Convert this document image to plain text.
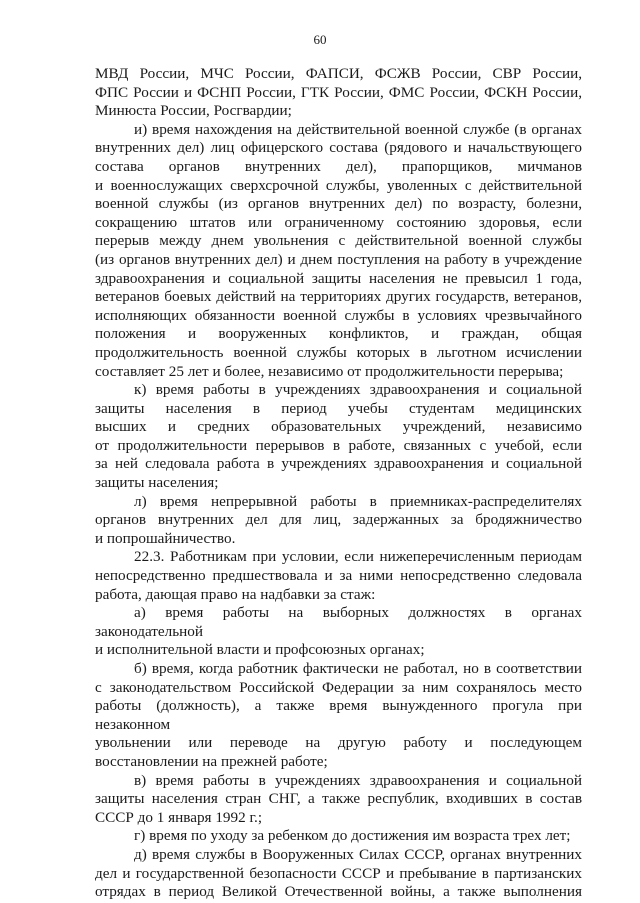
60

МВД России, МЧС России, ФАПСИ, ФСЖВ России, СВР России,

ФПС России и ФСНП России, ГТК России, ФМС России, ФСКН России,

Минюста России, Росгвардии;

и) время нахождения на действительной военной службе (в органах

внутренних дел) лиц офицерского состава (рядового и начальствующего

состава органов внутренних дел), прапорщиков, мичманов

и военнослужащих сверхсрочной службы, уволенных с действительной

военной службы (из органов внутренних дел) по возрасту, болезни,

сокращению штатов или ограниченному состоянию здоровья, если

перерыв между днем увольнения с действительной военной службы

(из органов внутренних дел) и днем поступления на работу в учреждение

здравоохранения и социальной защиты населения не превысил 1 года,

ветеранов боевых действий на территориях других государств, ветеранов,

исполняющих обязанности военной службы в условиях чрезвычайного

положения и вооруженных конфликтов, и граждан, общая

продолжительность военной службы которых в льготном исчислении

составляет 25 лет и более, независимо от продолжительности перерыва;

к) время работы в учреждениях здравоохранения и социальной

защиты населения в период учебы студентам медицинских

высших и средних образовательных учреждений, независимо

от продолжительности перерывов в работе, связанных с учебой, если

за ней следовала работа в учреждениях здравоохранения и социальной

защиты населения;

л) время непрерывной работы в приемниках-распределителях

органов внутренних дел для лиц, задержанных за бродяжничество

и попрошайничество.

22.3. Работникам при условии, если нижеперечисленным периодам

непосредственно предшествовала и за ними непосредственно следовала

работа, дающая право на надбавки за стаж:

а) время работы на выборных должностях в органах законодательной

и исполнительной власти и профсоюзных органах;

б) время, когда работник фактически не работал, но в соответствии

с законодательством Российской Федерации за ним сохранялось место

работы (должность), а также время вынужденного прогула при незаконном

увольнении или переводе на другую работу и последующем

восстановлении на прежней работе;

в) время работы в учреждениях здравоохранения и социальной

защиты населения стран СНГ, а также республик, входивших в состав

СССР до 1 января 1992 г.;

г) время по уходу за ребенком до достижения им возраста трех лет;

д) время службы в Вооруженных Силах СССР, органах внутренних

дел и государственной безопасности СССР и пребывание в партизанских

отрядах в период Великой Отечественной войны, а также выполнения
